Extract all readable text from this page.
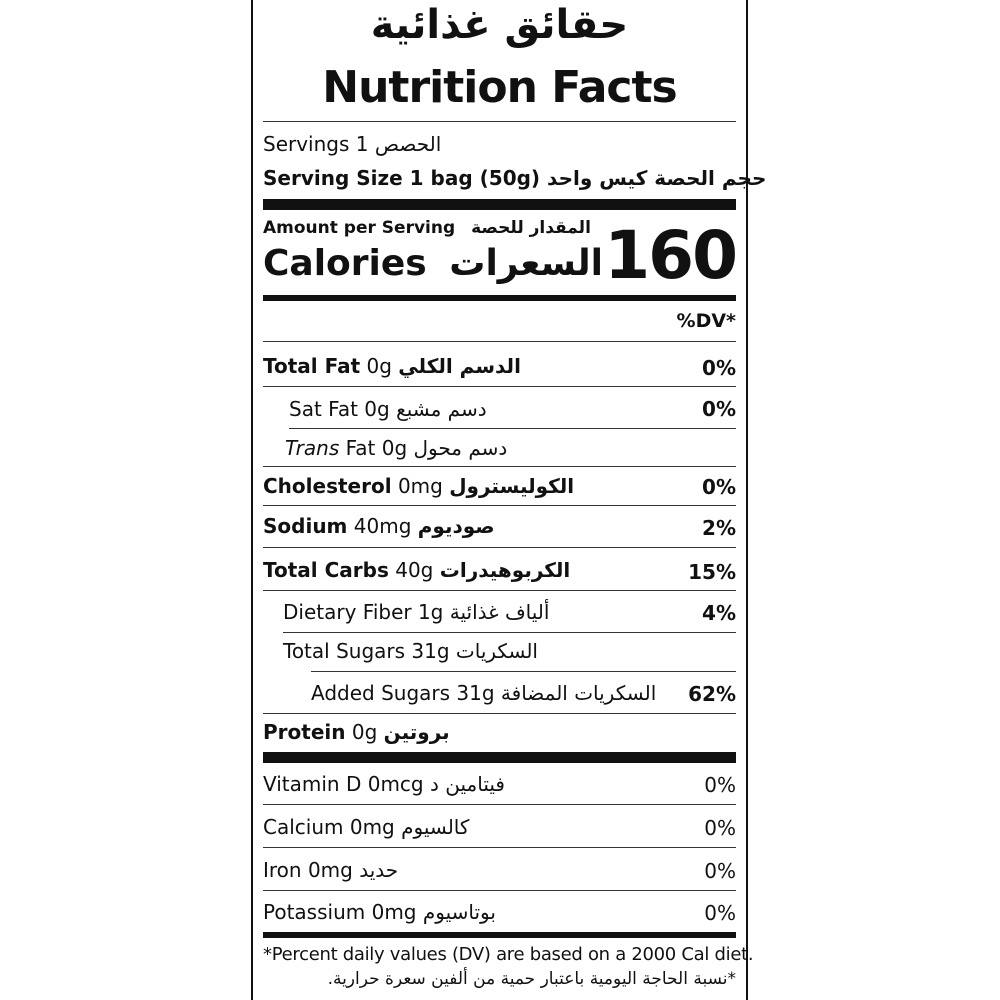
حقائق غذائية
Nutrition Facts
Servings 1 الحصص
Serving Size 1 bag (50g) حجم الحصة كيس واحد
Amount per Serving المقدار للحصة
Calories السعرات 160
%DV*
Total Fat 0g الدسم الكلي	0%
Sat Fat 0g دسم مشبع	0%
Trans Fat 0g دسم محول
Cholesterol 0mg الكوليسترول	0%
Sodium 40mg صوديوم	2%
Total Carbs 40g الكربوهيدرات	15%
Dietary Fiber 1g ألياف غذائية	4%
Total Sugars 31g السكريات
Added Sugars 31g السكريات المضافة 62%
Protein 0g بروتين
Vitamin D 0mcg فيتامين د	0%
Calcium 0mg كالسيوم	0%
Iron 0mg حديد	0%
Potassium 0mg بوتاسيوم	0%
*Percent daily values (DV) are based on a 2000 Cal diet.
*نسبة الحاجة اليومية باعتبار حمية من ألفين سعرة حرارية.
